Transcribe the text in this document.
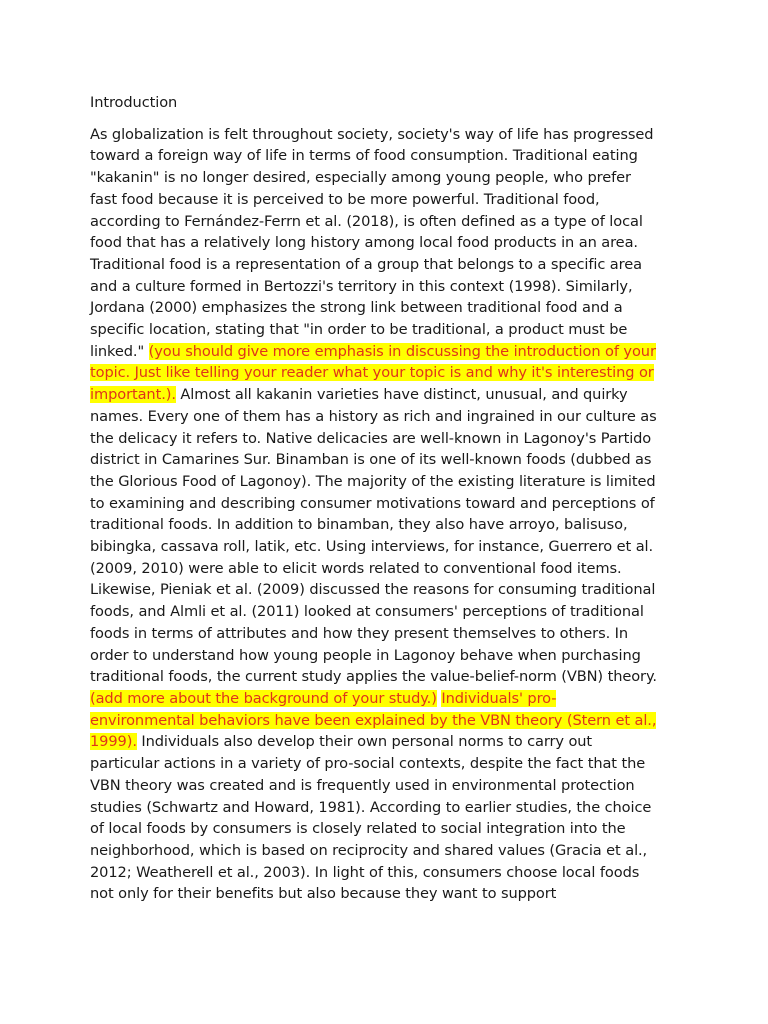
Introduction

As globalization is felt throughout society, society's way of life has progressed toward a foreign way of life in terms of food consumption. Traditional eating "kakanin" is no longer desired, especially among young people, who prefer fast food because it is perceived to be more powerful. Traditional food, according to Fernández-Ferrn et al. (2018), is often defined as a type of local food that has a relatively long history among local food products in an area. Traditional food is a representation of a group that belongs to a specific area and a culture formed in Bertozzi's territory in this context (1998). Similarly, Jordana (2000) emphasizes the strong link between traditional food and a specific location, stating that "in order to be traditional, a product must be linked." (you should give more emphasis in discussing the introduction of your topic. Just like telling your reader what your topic is and why it's interesting or important.). Almost all kakanin varieties have distinct, unusual, and quirky names. Every one of them has a history as rich and ingrained in our culture as the delicacy it refers to. Native delicacies are well-known in Lagonoy's Partido district in Camarines Sur. Binamban is one of its well-known foods (dubbed as the Glorious Food of Lagonoy). The majority of the existing literature is limited to examining and describing consumer motivations toward and perceptions of traditional foods. In addition to binamban, they also have arroyo, balisuso, bibingka, cassava roll, latik, etc. Using interviews, for instance, Guerrero et al. (2009, 2010) were able to elicit words related to conventional food items. Likewise, Pieniak et al. (2009) discussed the reasons for consuming traditional foods, and Almli et al. (2011) looked at consumers' perceptions of traditional foods in terms of attributes and how they present themselves to others. In order to understand how young people in Lagonoy behave when purchasing traditional foods, the current study applies the value-belief-norm (VBN) theory. (add more about the background of your study.) Individuals' pro-environmental behaviors have been explained by the VBN theory (Stern et al., 1999). Individuals also develop their own personal norms to carry out particular actions in a variety of pro-social contexts, despite the fact that the VBN theory was created and is frequently used in environmental protection studies (Schwartz and Howard, 1981). According to earlier studies, the choice of local foods by consumers is closely related to social integration into the neighborhood, which is based on reciprocity and shared values (Gracia et al., 2012; Weatherell et al., 2003). In light of this, consumers choose local foods not only for their benefits but also because they want to support
